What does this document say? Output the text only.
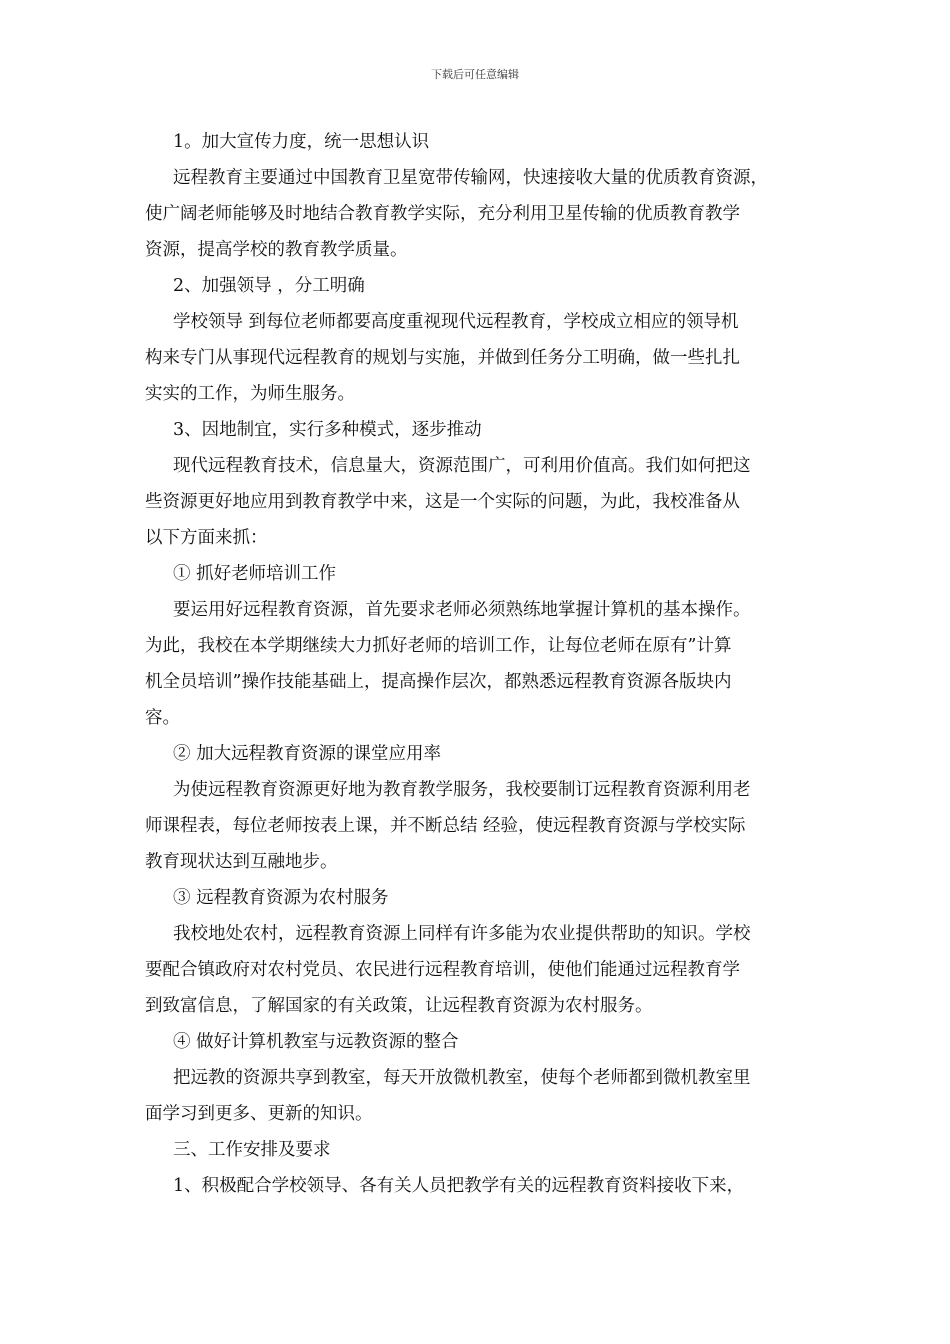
下载后可任意编辑
1。加大宣传力度，统一思想认识
远程教育主要通过中国教育卫星宽带传输网，快速接收大量的优质教育资源，
使广阔老师能够及时地结合教育教学实际，充分利用卫星传输的优质教育教学
资源，提高学校的教育教学质量。
2、加强领导 ，分工明确
学校领导 到每位老师都要高度重视现代远程教育，学校成立相应的领导机
构来专门从事现代远程教育的规划与实施，并做到任务分工明确，做一些扎扎
实实的工作，为师生服务。
3、因地制宜，实行多种模式，逐步推动
现代远程教育技术，信息量大，资源范围广，可利用价值高。我们如何把这
些资源更好地应用到教育教学中来，这是一个实际的问题，为此，我校准备从
以下方面来抓：
① 抓好老师培训工作
要运用好远程教育资源，首先要求老师必须熟练地掌握计算机的基本操作。
为此，我校在本学期继续大力抓好老师的培训工作，让每位老师在原有”计算
机全员培训”操作技能基础上，提高操作层次，都熟悉远程教育资源各版块内
容。
② 加大远程教育资源的课堂应用率
为使远程教育资源更好地为教育教学服务，我校要制订远程教育资源利用老
师课程表，每位老师按表上课，并不断总结 经验，使远程教育资源与学校实际
教育现状达到互融地步。
③ 远程教育资源为农村服务
我校地处农村，远程教育资源上同样有许多能为农业提供帮助的知识。学校
要配合镇政府对农村党员、农民进行远程教育培训，使他们能通过远程教育学
到致富信息，了解国家的有关政策，让远程教育资源为农村服务。
④ 做好计算机教室与远教资源的整合
把远教的资源共享到教室，每天开放微机教室，使每个老师都到微机教室里
面学习到更多、更新的知识。
三、工作安排及要求
1、积极配合学校领导、各有关人员把教学有关的远程教育资料接收下来，
